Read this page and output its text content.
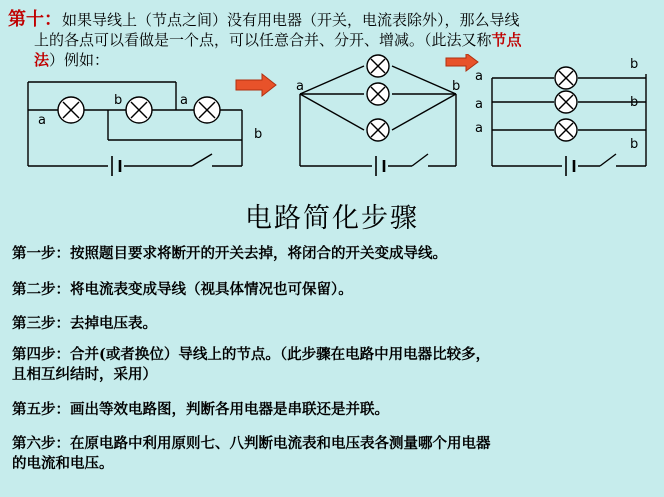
第十：如果导线上（节点之间）没有用电器（开关，电流表除外），那么导线
上的各点可以看做是一个点，可以任意合并、分开、增减。（此法又称节点
法）例如：
a
b	a
b
a	b
a
a
a
b
b
b
电路简化步骤

第一步：按照题目要求将断开的开关去掉，将闭合的开关变成导线。

第二步：将电流表变成导线（视具体情况也可保留）。

第三步：去掉电压表。

第四步：合并(或者换位）导线上的节点。（此步骤在电路中用电器比较多，
且相互纠结时，采用）

第五步：画出等效电路图，判断各用电器是串联还是并联。

第六步：在原电路中利用原则七、八判断电流表和电压表各测量哪个用电器
的电流和电压。
